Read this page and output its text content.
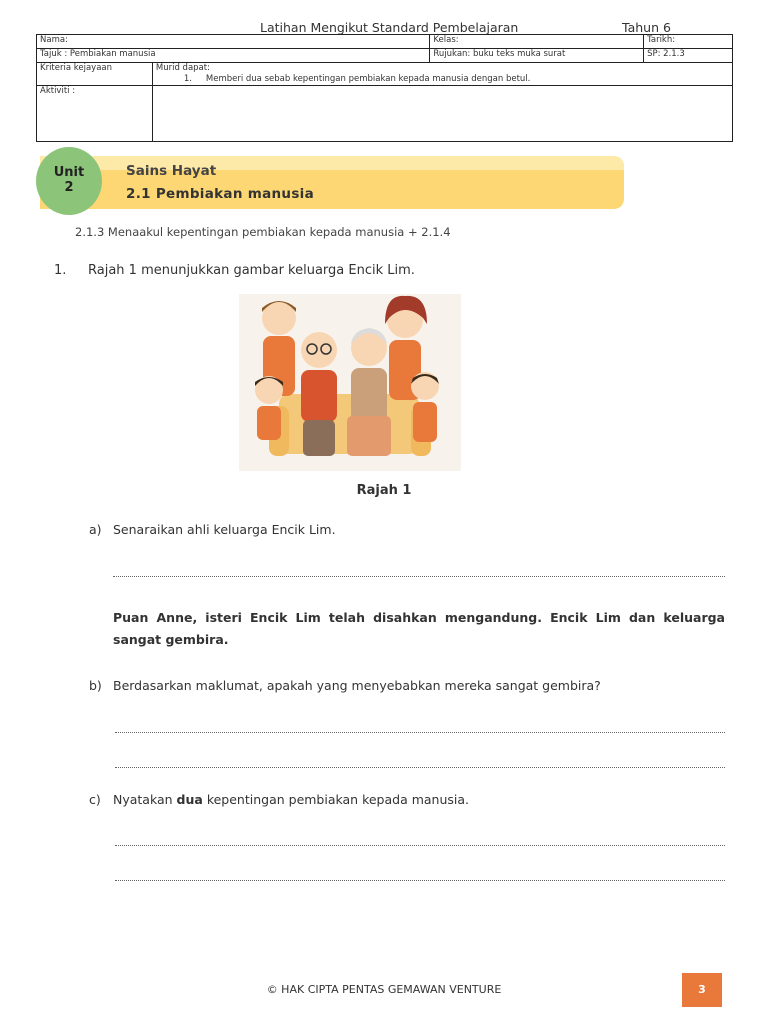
Latihan Mengikut Standard Pembelajaran	Tahun 6
Nama:		Kelas:	Tarikh:
Tajuk : Pembiakan manusia		Rujukan: buku teks muka surat	SP: 2.1.3
Kriteria kejayaan	Murid dapat:
1. Memberi dua sebab kepentingan pembiakan kepada manusia dengan betul.		

Aktiviti :			
Unit
2
Sains Hayat
2.1 Pembiakan manusia
2.1.3 Menaakul kepentingan pembiakan kepada manusia + 2.1.4
1. Rajah 1 menunjukkan gambar keluarga Encik Lim.
Rajah 1
a) Senaraikan ahli keluarga Encik Lim.
Puan Anne, isteri Encik Lim telah disahkan mengandung. Encik Lim dan keluarga sangat gembira.
b) Berdasarkan maklumat, apakah yang menyebabkan mereka sangat gembira?
c) Nyatakan dua kepentingan pembiakan kepada manusia.
© HAK CIPTA PENTAS GEMAWAN VENTURE	3
